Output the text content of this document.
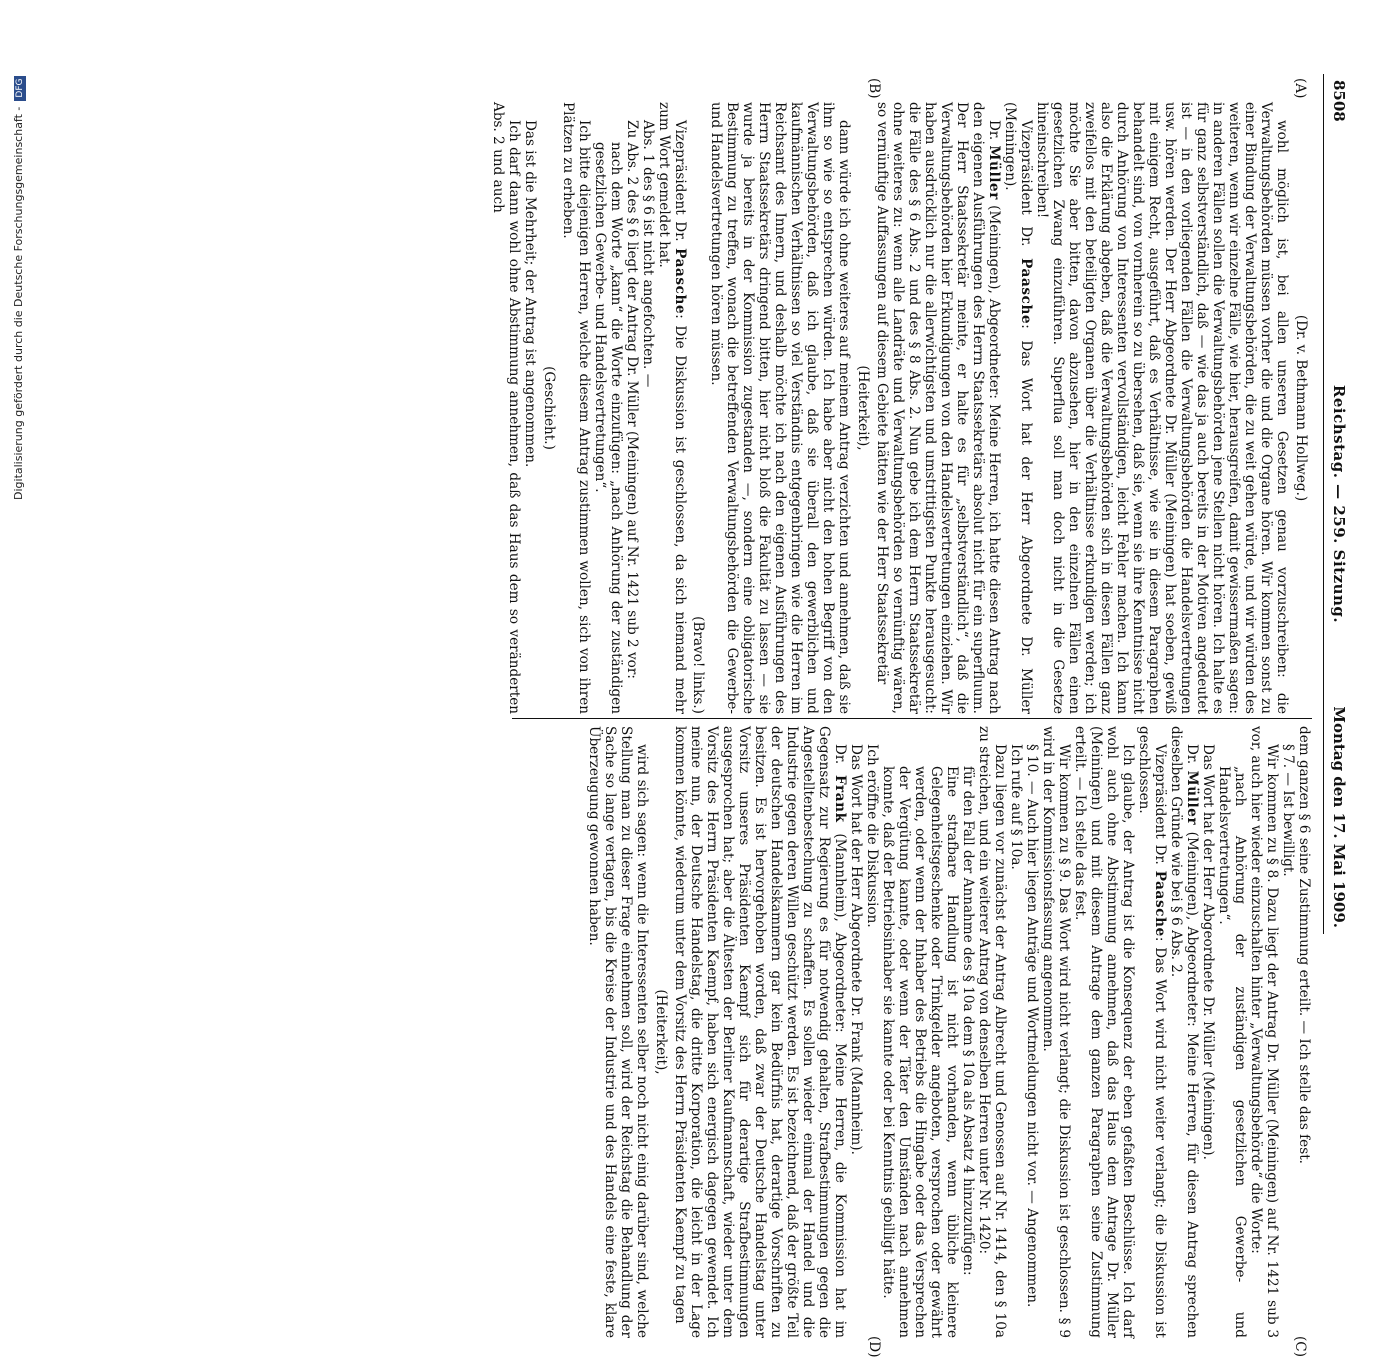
8508
Reichstag. — 259. Sitzung.
Montag den 17. Mai 1909.
(A)
(B)
(C)
(D)

(Dr. v. Bethmann Hollweg.)

wohl möglich ist, bei allen unseren Gesetzen genau vorzuschreiben: die Verwaltungsbehörden müssen vorher die und die Organe hören. Wir kommen sonst zu einer Bindung der Verwaltungsbehörden, die zu weit gehen würde, und wir würden des weiteren, wenn wir einzelne Fälle, wie hier, herausgreifen, damit gewissermaßen sagen: in anderen Fällen sollen die Verwaltungsbehörden jene Stellen nicht hören. Ich halte es für ganz selbstverständlich, daß — wie das ja auch bereits in der Motiven angedeutet ist — in den vorliegenden Fällen die Verwaltungsbehörden die Handelsvertretungen usw. hören werden. Der Herr Abgeordnete Dr. Müller (Meiningen) hat soeben, gewiß mit einigem Recht, ausgeführt, daß es Verhältnisse, wie sie in diesem Paragraphen behandelt sind, von vornherein so zu übersehen, daß sie, wenn sie ihre Kenntnisse nicht durch Anhörung von Interessenten vervollständigen, leicht Fehler machen. Ich kann also die Erklärung abgeben, daß die Verwaltungsbehörden sich in diesen Fällen ganz zweifellos mit den beteiligten Organen über die Verhältnisse erkundigen werden; ich möchte Sie aber bitten, davon abzusehen, hier in den einzelnen Fällen einen gesetzlichen Zwang einzuführen. Superflua soll man doch nicht in die Gesetze hineinschreiben!

Vizepräsident Dr. Paasche: Das Wort hat der Herr Abgeordnete Dr. Müller (Meiningen).

Dr. Müller (Meiningen), Abgeordneter: Meine Herren, ich hatte diesen Antrag nach den eigenen Ausführungen des Herrn Staatssekretärs absolut nicht für ein superfluum. Der Herr Staatssekretär meinte, er halte es für „selbstverständlich“, daß die Verwaltungsbehörden hier Erkundigungen von den Handelsvertretungen einziehen. Wir haben ausdrücklich nur die allerwichtigsten und umstrittigsten Punkte herausgesucht: die Fälle des § 6 Abs. 2 und des § 8 Abs. 2. Nun gebe ich dem Herrn Staatssekretär ohne weiteres zu: wenn alle Landräte und Verwaltungsbehörden so vernünftig wären, so vernünftige Auffassungen auf diesem Gebiete hätten wie der Herr Staatssekretär

(Heiterkeit),

dann würde ich ohne weiteres auf meinem Antrag verzichten und annehmen, daß sie ihm so wie so entsprechen würden. Ich habe aber nicht den hohen Begriff von den Verwaltungsbehörden, daß ich glaube, daß sie überall den gewerblichen und kaufmännischen Verhältnissen so viel Verständnis entgegenbringen wie die Herren im Reichsamt des Innern, und deshalb möchte ich nach den eigenen Ausführungen des Herrn Staatssekretärs dringend bitten, hier nicht bloß die Fakultät zu lassen — sie wurde ja bereits in der Kommission zugestanden —, sondern eine obligatorische Bestimmung zu treffen, wonach die betreffenden Verwaltungsbehörden die Gewerbe- und Handelsvertretungen hören müssen.

(Bravo! links.)

Vizepräsident Dr. Paasche: Die Diskussion ist geschlossen, da sich niemand mehr zum Wort gemeldet hat.

Abs. 1 des § 6 ist nicht angefochten. —

Zu Abs. 2 des § 6 liegt der Antrag Dr. Müller (Meiningen) auf Nr. 1421 sub 2 vor:

nach dem Worte „kann“ die Worte einzufügen: „nach Anhörung der zuständigen gesetzlichen Gewerbe- und Handelsvertretungen“.

Ich bitte diejenigen Herren, welche diesem Antrag zustimmen wollen, sich von ihren Plätzen zu erheben.

(Geschieht.)

Das ist die Mehrheit; der Antrag ist angenommen.

Ich darf dann wohl ohne Abstimmung annehmen, daß das Haus dem so veränderten Abs. 2 und auch

dem ganzen § 6 seine Zustimmung erteilt. — Ich stelle das fest.

§ 7. — Ist bewilligt.

Wir kommen zu § 8. Dazu liegt der Antrag Dr. Müller (Meiningen) auf Nr. 1421 sub 3 vor, auch hier wieder einzuschalten hinter „Verwaltungsbehörde“ die Worte:

„nach Anhörung der zuständigen gesetzlichen Gewerbe- und Handelsvertretungen“.

Das Wort hat der Herr Abgeordnete Dr. Müller (Meiningen).

Dr. Müller (Meiningen), Abgeordneter: Meine Herren, für diesen Antrag sprechen dieselben Gründe wie bei § 6 Abs. 2.

Vizepräsident Dr. Paasche: Das Wort wird nicht weiter verlangt; die Diskussion ist geschlossen.

Ich glaube, der Antrag ist die Konsequenz der eben gefaßten Beschlüsse. Ich darf wohl auch ohne Abstimmung annehmen, daß das Haus dem Antrage Dr. Müller (Meiningen) und mit diesem Antrage dem ganzen Paragraphen seine Zustimmung erteilt. — Ich stelle das fest.

Wir kommen zu § 9. Das Wort wird nicht verlangt; die Diskussion ist geschlossen. § 9 wird in der Kommissionsfassung angenommen.

§ 10. — Auch hier liegen Anträge und Wortmeldungen nicht vor. — Angenommen.

Ich rufe auf § 10a.

Dazu liegen vor zunächst der Antrag Albrecht und Genossen auf Nr. 1414, den § 10a zu streichen, und ein weiterer Antrag von denselben Herren unter Nr. 1420:

für den Fall der Annahme des § 10a dem § 10a als Absatz 4 hinzuzufügen:

Eine strafbare Handlung ist nicht vorhanden, wenn übliche kleinere Gelegenheitsgeschenke oder Trinkgelder angeboten, versprochen oder gewährt werden, oder wenn der Inhaber des Betriebs die Hingabe oder das Versprechen der Vergütung kannte, oder wenn der Täter den Umständen nach annehmen konnte, daß der Betriebsinhaber sie kannte oder bei Kenntnis gebilligt hätte.

Ich eröffne die Diskussion.

Das Wort hat der Herr Abgeordnete Dr. Frank (Mannheim).

Dr. Frank (Mannheim), Abgeordneter: Meine Herren, die Kommission hat im Gegensatz zur Regierung es für notwendig gehalten, Strafbestimmungen gegen die Angestelltenbestechung zu schaffen. Es sollen wieder einmal der Handel und die Industrie gegen deren Willen geschützt werden. Es ist bezeichnend, daß der größte Teil der deutschen Handelskammern gar kein Bedürfnis hat, derartige Vorschriften zu besitzen. Es ist hervorgehoben worden, daß zwar der Deutsche Handelstag unter Vorsitz unseres Präsidenten Kaempf sich für derartige Strafbestimmungen ausgesprochen hat; aber die Ältesten der Berliner Kaufmannschaft, wieder unter dem Vorsitz des Herrn Präsidenten Kaempf, haben sich energisch dagegen gewendet. Ich meine nun, der Deutsche Handelstag, die dritte Korporation, die leicht in der Lage kommen könnte, wiederum unter dem Vorsitz des Herrn Präsidenten Kaempf zu tagen

(Heiterkeit),

wird sich sagen: wenn die Interessenten selber noch nicht einig darüber sind, welche Stellung man zu dieser Frage einnehmen soll, wird der Reichstag die Behandlung der Sache so lange vertagen, bis die Kreise der Industrie und des Handels eine feste, klare Überzeugung gewonnen haben.

Digitalisierung gefördert durch die Deutsche Forschungsgemeinschaft -DFG
